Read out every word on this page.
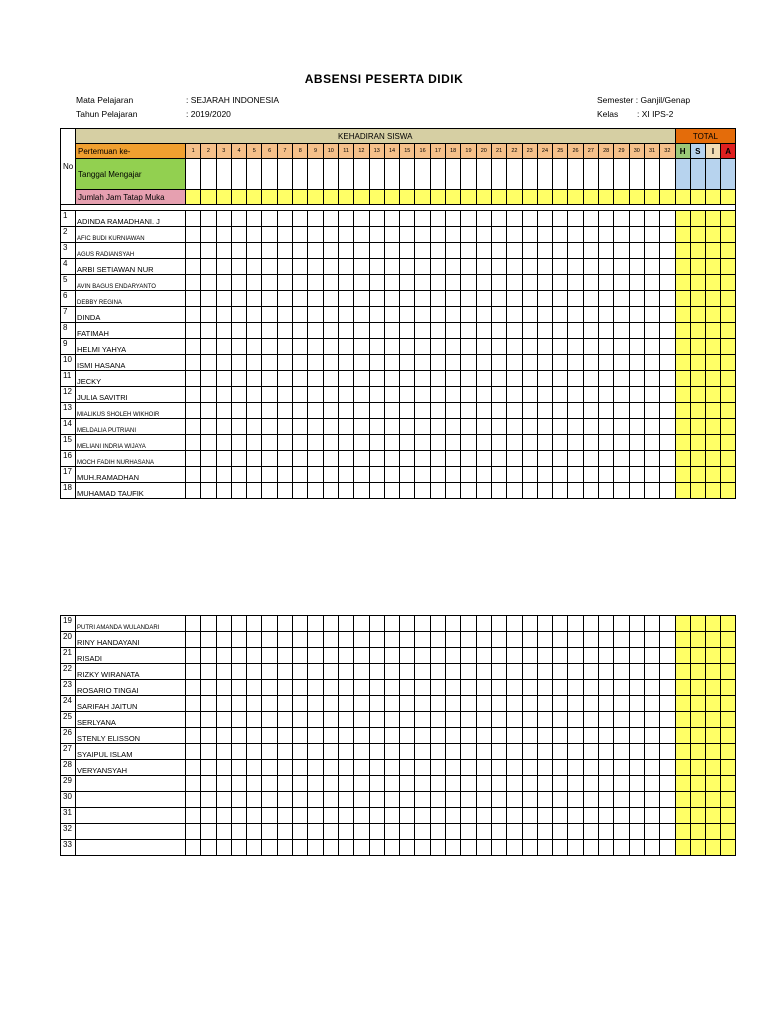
ABSENSI PESERTA DIDIK
Mata Pelajaran	: SEJARAH INDONESIA
Tahun Pelajaran	: 2019/2020
Semester : Ganjil/Genap
Kelas : XI IPS-2
No	KEHADIRAN SISWA																																	TOTAL			
	Pertemuan ke-	1	2	3	4	5	6	7	8	9	10	11	12	13	14	15	16	17	18	19	20	21	22	23	24	25	26	27	28	29	30	31	32	H	S	I	A
	Tanggal Mengajar																																				
	Jumlah Jam Tatap Muka																																				

1	ADINDA RAMADHANI. J																																				
2	AFIC BUDI KURNIAWAN																																				
3	AGUS RADIANSYAH																																				
4	ARBI SETIAWAN NUR																																				
5	AVIN BAGUS ENDARYANTO																																				
6	DEBBY REGINA																																				
7	DINDA																																				
8	FATIMAH																																				
9	HELMI YAHYA																																				
10	ISMI HASANA																																				
11	JECKY																																				
12	JULIA SAVITRI																																				
13	MIALIKUS SHOLEH WIKHOIR																																				
14	MELDALIA PUTRIANI																																				
15	MELIANI INDRIA WIJAYA																																				
16	MOCH FADIH NURHASANA																																				
17	MUH.RAMADHAN																																				
18	MUHAMAD TAUFIK																																				
19	PUTRI AMANDA WULANDARI																																				
20	RINY HANDAYANI																																				
21	RISADI																																				
22	RIZKY WIRANATA																																				
23	ROSARIO TINGAI																																				
24	SARIFAH JAITUN																																				
25	SERLYANA																																				
26	STENLY ELISSON																																				
27	SYAIPUL ISLAM																																				
28	VERYANSYAH																																				
29																																					
30																																					
31																																					
32																																					
33																																					
